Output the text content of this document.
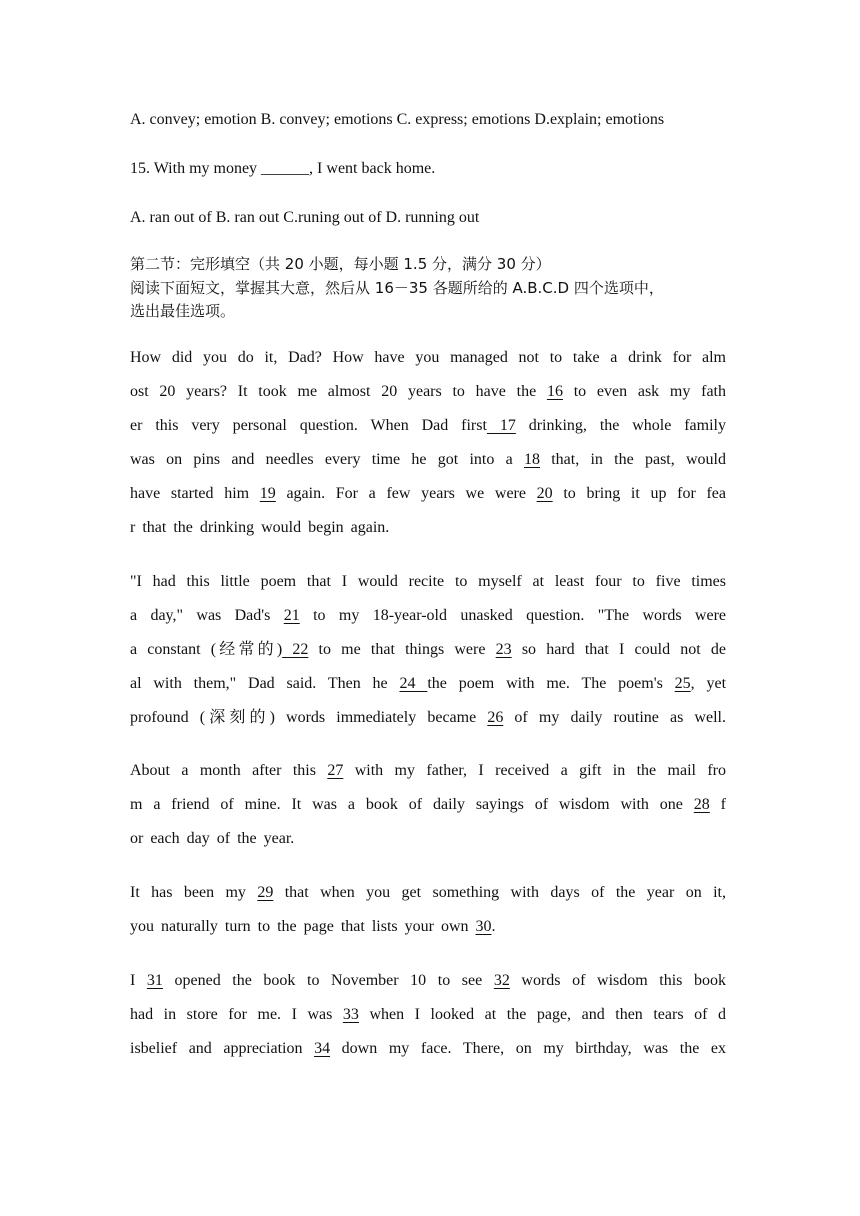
A. convey; emotion B. convey; emotions C. express; emotions D.explain; emotions
15. With my money ______, I went back home.
A. ran out of B. ran out C.runing out of D. running out
第二节：完形填空（共 20 小题，每小题 1.5 分，满分 30 分）
阅读下面短文，掌握其大意，然后从 16－35 各题所给的 A.B.C.D 四个选项中，
选出最佳选项。
How did you do it, Dad? How have you managed not to take a drink for alm
ost 20 years? It took me almost 20 years to have the 16 to even ask my fath
er this very personal question. When Dad first 17 drinking, the whole family
was on pins and needles every time he got into a 18 that, in the past, would
have started him 19 again. For a few years we were 20 to bring it up for fea
r that the drinking would begin again.
"I had this little poem that I would recite to myself at least four to five times
a day," was Dad's 21 to my 18-year-old unasked question. "The words were
a constant (经常的) 22 to me that things were 23 so hard that I could not de
al with them," Dad said. Then he 24 the poem with me. The poem's 25, yet
profound (深刻的) words immediately became 26 of my daily routine as well.
About a month after this 27 with my father, I received a gift in the mail fro
m a friend of mine. It was a book of daily sayings of wisdom with one 28 f
or each day of the year.
It has been my 29 that when you get something with days of the year on it,
you naturally turn to the page that lists your own 30.
I 31 opened the book to November 10 to see 32 words of wisdom this book
had in store for me. I was 33 when I looked at the page, and then tears of d
isbelief and appreciation 34 down my face. There, on my birthday, was the ex
